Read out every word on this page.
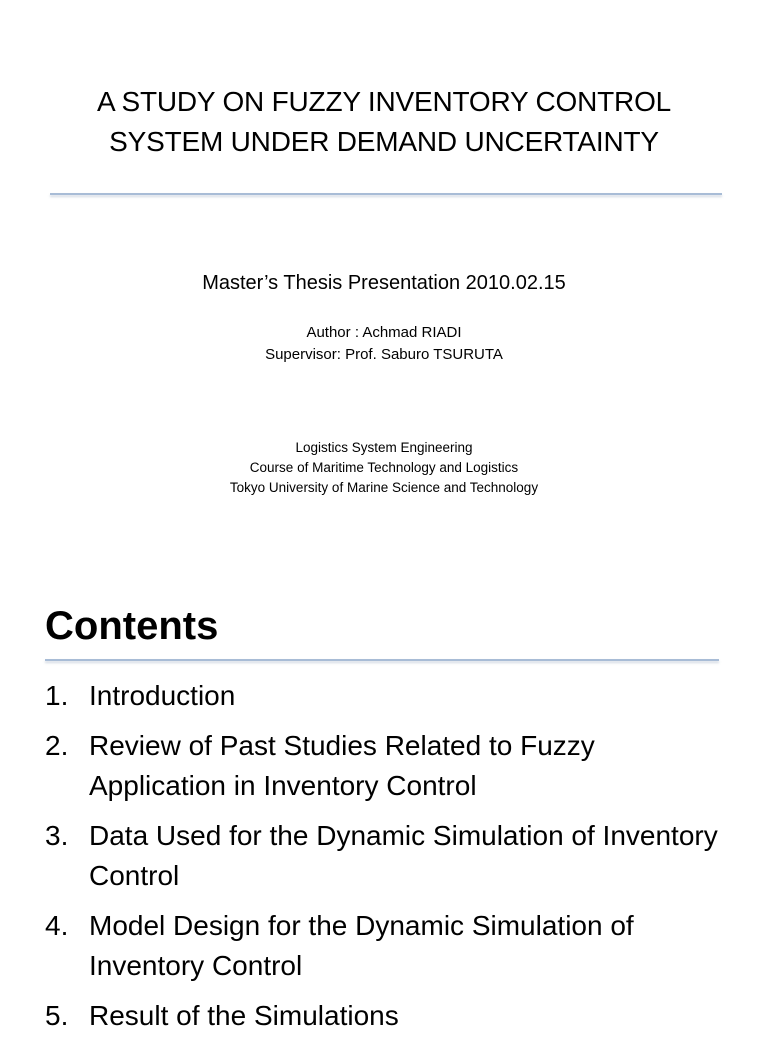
A STUDY ON FUZZY INVENTORY CONTROL
SYSTEM UNDER DEMAND UNCERTAINTY
Master’s Thesis Presentation 2010.02.15
Author : Achmad RIADI
Supervisor: Prof. Saburo TSURUTA
Logistics System Engineering
Course of Maritime Technology and Logistics
Tokyo University of Marine Science and Technology
Contents
1. Introduction
2. Review of Past Studies Related to Fuzzy Application in Inventory Control
3. Data Used for the Dynamic Simulation of Inventory Control
4. Model Design for the Dynamic Simulation of Inventory Control
5. Result of the Simulations
